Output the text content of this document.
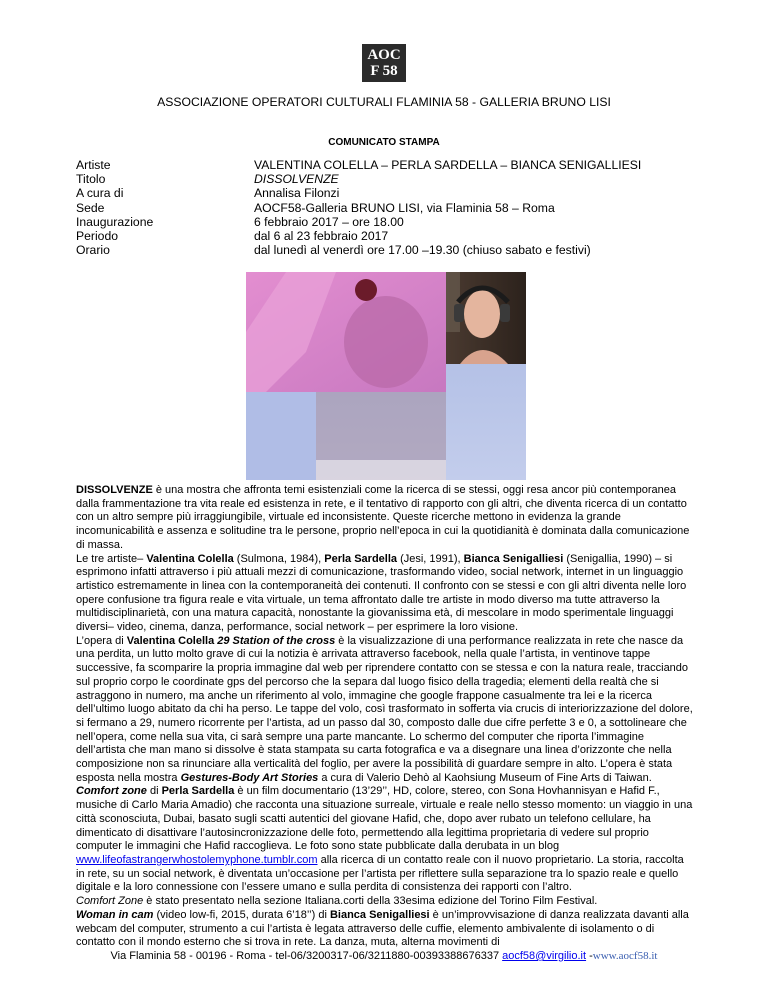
AOC
F 58
ASSOCIAZIONE OPERATORI CULTURALI FLAMINIA 58 - GALLERIA BRUNO LISI
COMUNICATO STAMPA
Artiste	VALENTINA COLELLA – PERLA SARDELLA – BIANCA SENIGALLIESI
Titolo	DISSOLVENZE
A cura di	Annalisa Filonzi
Sede	AOCF58-Galleria BRUNO LISI, via Flaminia 58 – Roma
Inaugurazione	6 febbraio 2017 – ore 18.00
Periodo	dal 6 al 23 febbraio 2017
Orario	dal lunedì al venerdì ore 17.00 –19.30 (chiuso sabato e festivi)

DISSOLVENZE è una mostra che affronta temi esistenziali come la ricerca di se stessi, oggi resa ancor più contemporanea dalla frammentazione tra vita reale ed esistenza in rete, e il tentativo di rapporto con gli altri, che diventa ricerca di un contatto con un altro sempre più irraggiungibile, virtuale ed inconsistente. Queste ricerche mettono in evidenza la grande incomunicabilità e assenza e solitudine tra le persone, proprio nell’epoca in cui la quotidianità è dominata dalla comunicazione di massa.

Le tre artiste– Valentina Colella (Sulmona, 1984), Perla Sardella (Jesi, 1991), Bianca Senigalliesi (Senigallia, 1990) – si esprimono infatti attraverso i più attuali mezzi di comunicazione, trasformando video, social network, internet in un linguaggio artistico estremamente in linea con la contemporaneità dei contenuti. Il confronto con se stessi e con gli altri diventa nelle loro opere confusione tra figura reale e vita virtuale, un tema affrontato dalle tre artiste in modo diverso ma tutte attraverso la multidisciplinarietà, con una matura capacità, nonostante la giovanissima età, di mescolare in modo sperimentale linguaggi diversi– video, cinema, danza, performance, social network – per esprimere la loro visione.

L’opera di Valentina Colella 29 Station of the cross è la visualizzazione di una performance realizzata in rete che nasce da una perdita, un lutto molto grave di cui la notizia è arrivata attraverso facebook, nella quale l’artista, in ventinove tappe successive, fa scomparire la propria immagine dal web per riprendere contatto con se stessa e con la natura reale, tracciando sul proprio corpo le coordinate gps del percorso che la separa dal luogo fisico della tragedia; elementi della realtà che si astraggono in numero, ma anche un riferimento al volo, immagine che google frappone casualmente tra lei e la ricerca dell’ultimo luogo abitato da chi ha perso. Le tappe del volo, così trasformato in sofferta via crucis di interiorizzazione del dolore, si fermano a 29, numero ricorrente per l’artista, ad un passo dal 30, composto dalle due cifre perfette 3 e 0, a sottolineare che nell’opera, come nella sua vita, ci sarà sempre una parte mancante. Lo schermo del computer che riporta l’immagine dell’artista che man mano si dissolve è stata stampata su carta fotografica e va a disegnare una linea d’orizzonte che nella composizione non sa rinunciare alla verticalità del foglio, per avere la possibilità di guardare sempre in alto. L’opera è stata esposta nella mostra Gestures-Body Art Stories a cura di Valerio Dehò al Kaohsiung Museum of Fine Arts di Taiwan.

Comfort zone di Perla Sardella è un film documentario (13’29’’, HD, colore, stereo, con Sona Hovhannisyan e Hafid F., musiche di Carlo Maria Amadio) che racconta una situazione surreale, virtuale e reale nello stesso momento: un viaggio in una città sconosciuta, Dubai, basato sugli scatti autentici del giovane Hafid, che, dopo aver rubato un telefono cellulare, ha dimenticato di disattivare l’autosincronizzazione delle foto, permettendo alla legittima proprietaria di vedere sul proprio computer le immagini che Hafid raccoglieva. Le foto sono state pubblicate dalla derubata in un blog www.lifeofastrangerwhostolemyphone.tumblr.com alla ricerca di un contatto reale con il nuovo proprietario. La storia, raccolta in rete, su un social network, è diventata un’occasione per l’artista per riflettere sulla separazione tra lo spazio reale e quello digitale e la loro connessione con l’essere umano e sulla perdita di consistenza dei rapporti con l’altro.
Comfort Zone è stato presentato nella sezione Italiana.corti della 33esima edizione del Torino Film Festival.

Woman in cam (video low-fi, 2015, durata 6’18’’) di Bianca Senigalliesi è un’improvvisazione di danza realizzata davanti alla webcam del computer, strumento a cui l’artista è legata attraverso delle cuffie, elemento ambivalente di isolamento o di contatto con il mondo esterno che si trova in rete. La danza, muta, alterna movimenti di

Via Flaminia 58 - 00196 - Roma - tel-06/3200317-06/3211880-00393388676337 aocf58@virgilio.it -www.aocf58.it
